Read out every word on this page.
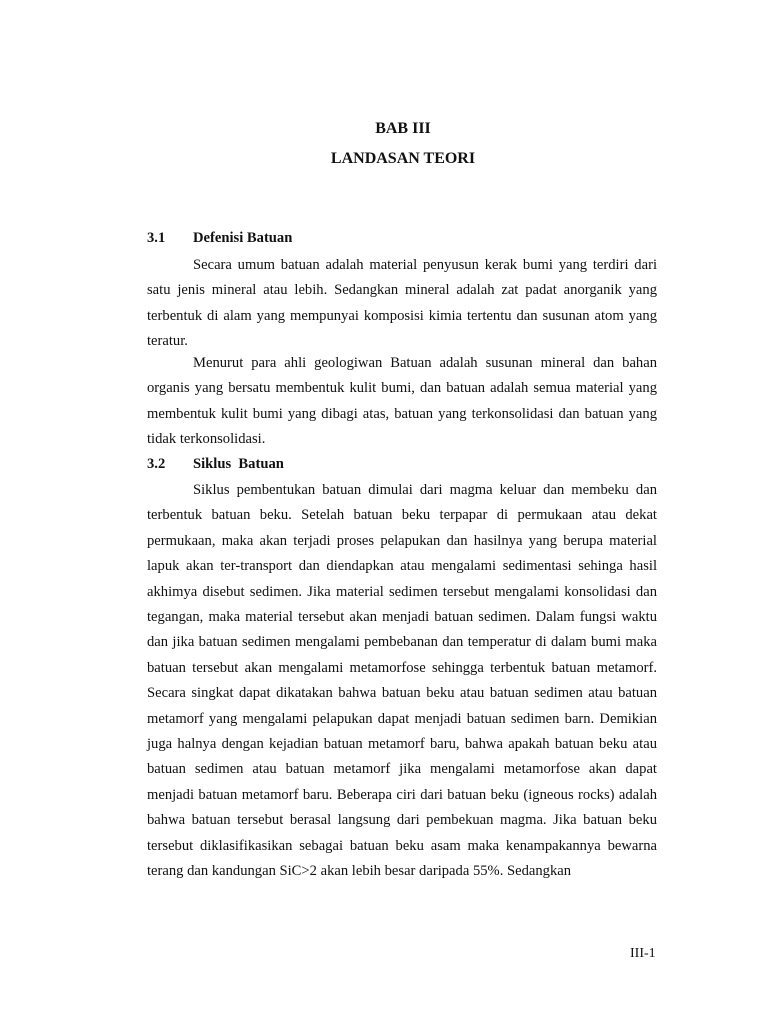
BAB III

LANDASAN TEORI

3.1 Defenisi Batuan

Secara umum batuan adalah material penyusun kerak bumi yang terdiri dari satu jenis mineral atau lebih. Sedangkan mineral adalah zat padat anorganik yang terbentuk di alam yang mempunyai komposisi kimia tertentu dan susunan atom yang teratur.

Menurut para ahli geologiwan Batuan adalah susunan mineral dan bahan organis yang bersatu membentuk kulit bumi, dan batuan adalah semua material yang membentuk kulit bumi yang dibagi atas, batuan yang terkonsolidasi dan batuan yang tidak terkonsolidasi.

3.2 Siklus  Batuan

Siklus pembentukan batuan dimulai dari magma keluar dan membeku dan terbentuk batuan beku. Setelah batuan beku terpapar di permukaan atau dekat permukaan, maka akan terjadi proses pelapukan dan hasilnya yang berupa material lapuk akan ter-transport dan diendapkan atau mengalami sedimentasi sehinga hasil akhimya disebut sedimen. Jika material sedimen tersebut mengalami konsolidasi dan tegangan, maka material tersebut akan menjadi batuan sedimen. Dalam fungsi waktu dan jika batuan sedimen mengalami pembebanan dan temperatur di dalam bumi maka batuan tersebut akan mengalami metamorfose sehingga terbentuk batuan metamorf. Secara singkat dapat dikatakan bahwa batuan beku atau batuan sedimen atau batuan metamorf yang mengalami pelapukan dapat menjadi batuan sedimen barn. Demikian juga halnya dengan kejadian batuan metamorf baru, bahwa apakah batuan beku atau batuan sedimen atau batuan metamorf jika mengalami metamorfose akan dapat menjadi batuan metamorf baru. Beberapa ciri dari batuan beku (igneous rocks) adalah bahwa batuan tersebut berasal langsung dari pembekuan magma. Jika batuan beku tersebut diklasifikasikan sebagai batuan beku asam maka kenampakannya bewarna terang dan kandungan SiC>2 akan lebih besar daripada 55%. Sedangkan

III-1
